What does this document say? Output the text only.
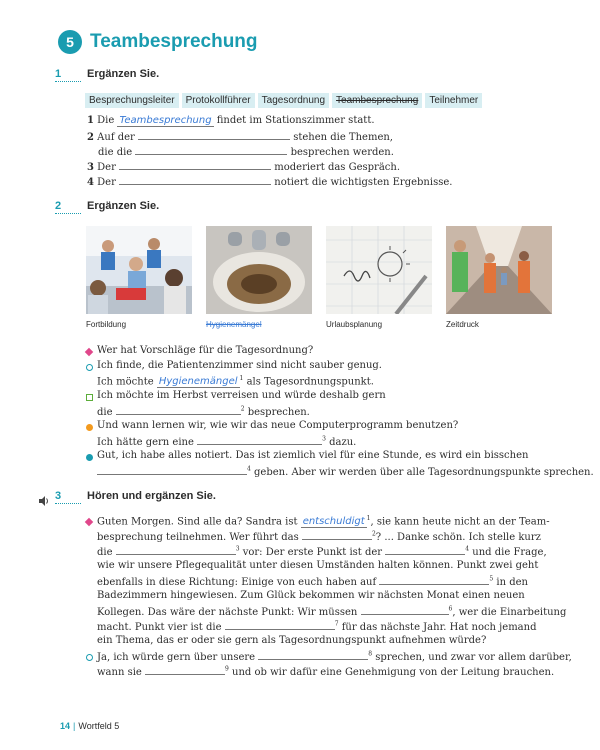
5 Teambesprechung
1	Ergänzen Sie.
Besprechungsleiter	Protokollführer	Tagesordnung	Teambesprechung	Teilnehmer
1 Die Teambesprechung findet im Stationszimmer statt.
2 Auf der	stehen die Themen,
die die	besprechen werden.
3 Der	moderiert das Gespräch.
4 Der	notiert die wichtigsten Ergebnisse.
2	Ergänzen Sie.
Fortbildung	Hygienemängel	Urlaubsplanung	Zeitdruck
Wer hat Vorschläge für die Tagesordnung?
Ich finde, die Patientenzimmer sind nicht sauber genug.
Ich möchte Hygienemängel $^1$ als Tagesordnungspunkt.
Ich möchte im Herbst verreisen und würde deshalb gern
die	$^2$ besprechen.
Und wann lernen wir, wie wir das neue Computerprogramm benutzen?
Ich hätte gern eine	$^3$ dazu.
Gut, ich habe alles notiert. Das ist ziemlich viel für eine Stunde, es wird ein bisschen
$^4$ geben. Aber wir werden über alle Tagesordnungspunkte sprechen.
3	Hören und ergänzen Sie.
Guten Morgen. Sind alle da? Sandra ist entschuldigt $^1$, sie kann heute nicht an der Team-
besprechung teilnehmen. Wer führt das	$^2$? ... Danke schön. Ich stelle kurz
die	$^3$ vor: Der erste Punkt ist der	$^4$ und die Frage,
wie wir unsere Pflegequalität unter diesen Umständen halten können. Punkt zwei geht
ebenfalls in diese Richtung: Einige von euch haben auf	$^5$ in den
Badezimmern hingewiesen. Zum Glück bekommen wir nächsten Monat einen neuen
Kollegen. Das wäre der nächste Punkt: Wir müssen	$^6$, wer die Einarbeitung
macht. Punkt vier ist die	$^7$ für das nächste Jahr. Hat noch jemand
ein Thema, das er oder sie gern als Tagesordnungspunkt aufnehmen würde?
Ja, ich würde gern über unsere	$^8$ sprechen, und zwar vor allem darüber,
wann sie	$^9$ und ob wir dafür eine Genehmigung von der Leitung brauchen.
14 | Wortfeld 5
